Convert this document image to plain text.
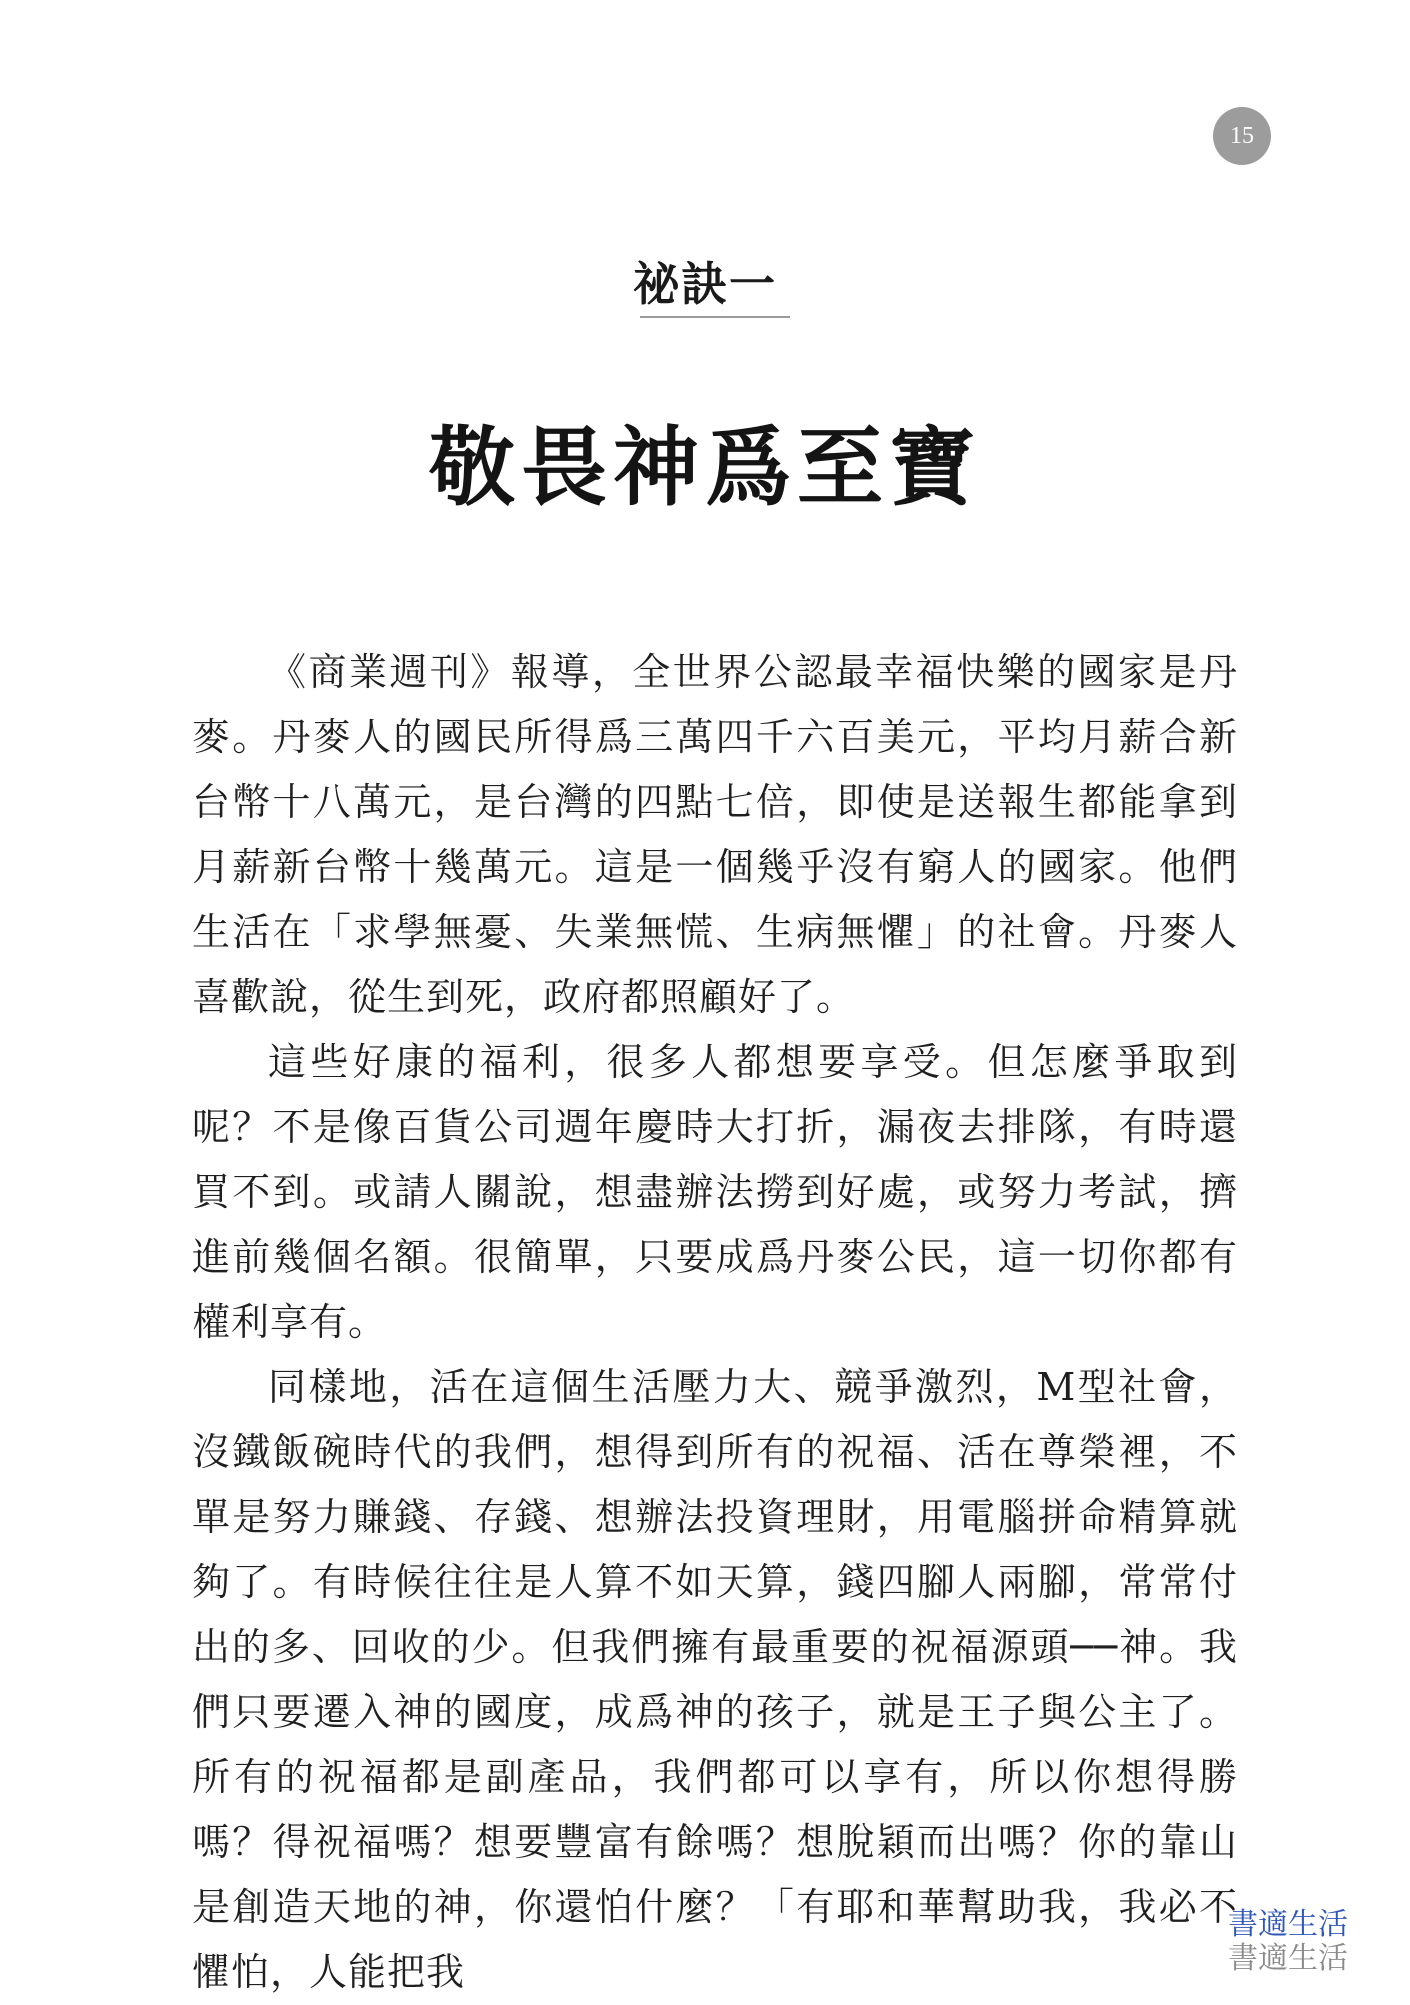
15
祕訣一
敬畏神爲至寶

《商業週刊》報導，全世界公認最幸福快樂的國家是丹麥。丹麥人的國民所得爲三萬四千六百美元，平均月薪合新台幣十八萬元，是台灣的四點七倍，即使是送報生都能拿到月薪新台幣十幾萬元。這是一個幾乎沒有窮人的國家。他們生活在「求學無憂、失業無慌、生病無懼」的社會。丹麥人喜歡說，從生到死，政府都照顧好了。

這些好康的福利，很多人都想要享受。但怎麼爭取到呢？不是像百貨公司週年慶時大打折，漏夜去排隊，有時還買不到。或請人關說，想盡辦法撈到好處，或努力考試，擠進前幾個名額。很簡單，只要成爲丹麥公民，這一切你都有權利享有。

同樣地，活在這個生活壓力大、競爭激烈，M型社會，沒鐵飯碗時代的我們，想得到所有的祝福、活在尊榮裡，不單是努力賺錢、存錢、想辦法投資理財，用電腦拼命精算就夠了。有時候往往是人算不如天算，錢四腳人兩腳，常常付出的多、回收的少。但我們擁有最重要的祝福源頭──神。我們只要遷入神的國度，成爲神的孩子，就是王子與公主了。所有的祝福都是副產品，我們都可以享有，所以你想得勝嗎？得祝福嗎？想要豐富有餘嗎？想脫穎而出嗎？你的靠山是創造天地的神，你還怕什麼？「有耶和華幫助我，我必不懼怕，人能把我

書適生活
書適生活
